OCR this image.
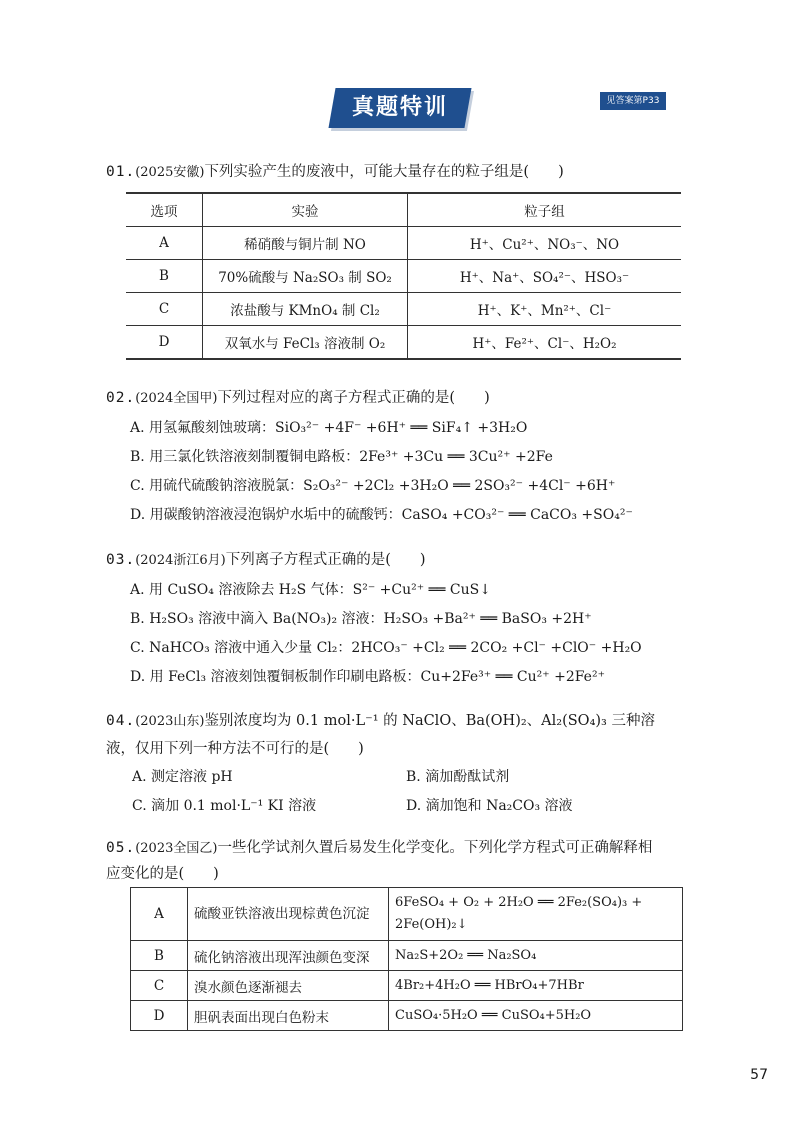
真题特训	见答案第P33
01.(2025安徽)下列实验产生的废液中，可能大量存在的粒子组是(　　)
选项	实验	粒子组
A	稀硝酸与铜片制 NO	H⁺、Cu²⁺、NO₃⁻、NO
B	70%硫酸与 Na₂SO₃ 制 SO₂	H⁺、Na⁺、SO₄²⁻、HSO₃⁻
C	浓盐酸与 KMnO₄ 制 Cl₂	H⁺、K⁺、Mn²⁺、Cl⁻
D	双氧水与 FeCl₃ 溶液制 O₂	H⁺、Fe²⁺、Cl⁻、H₂O₂
02.(2024全国甲)下列过程对应的离子方程式正确的是(　　)
A. 用氢氟酸刻蚀玻璃：SiO₃²⁻ +4F⁻ +6H⁺ ══ SiF₄↑ +3H₂O
B. 用三氯化铁溶液刻制覆铜电路板：2Fe³⁺ +3Cu ══ 3Cu²⁺ +2Fe
C. 用硫代硫酸钠溶液脱氯：S₂O₃²⁻ +2Cl₂ +3H₂O ══ 2SO₃²⁻ +4Cl⁻ +6H⁺
D. 用碳酸钠溶液浸泡锅炉水垢中的硫酸钙：CaSO₄ +CO₃²⁻ ══ CaCO₃ +SO₄²⁻
03.(2024浙江6月)下列离子方程式正确的是(　　)
A. 用 CuSO₄ 溶液除去 H₂S 气体：S²⁻ +Cu²⁺ ══ CuS↓
B. H₂SO₃ 溶液中滴入 Ba(NO₃)₂ 溶液：H₂SO₃ +Ba²⁺ ══ BaSO₃ +2H⁺
C. NaHCO₃ 溶液中通入少量 Cl₂：2HCO₃⁻ +Cl₂ ══ 2CO₂ +Cl⁻ +ClO⁻ +H₂O
D. 用 FeCl₃ 溶液刻蚀覆铜板制作印刷电路板：Cu+2Fe³⁺ ══ Cu²⁺ +2Fe²⁺
04.(2023山东)鉴别浓度均为 0.1 mol·L⁻¹ 的 NaClO、Ba(OH)₂、Al₂(SO₄)₃ 三种溶
液，仅用下列一种方法不可行的是(　　)
A. 测定溶液 pH	B. 滴加酚酞试剂
C. 滴加 0.1 mol·L⁻¹ KI 溶液	D. 滴加饱和 Na₂CO₃ 溶液
05.(2023全国乙)一些化学试剂久置后易发生化学变化。下列化学方程式可正确解释相
应变化的是(　　)
A	硫酸亚铁溶液出现棕黄色沉淀	6FeSO₄ + O₂ + 2H₂O ══ 2Fe₂(SO₄)₃ + 2Fe(OH)₂↓
B	硫化钠溶液出现浑浊颜色变深	Na₂S+2O₂ ══ Na₂SO₄
C	溴水颜色逐渐褪去	4Br₂+4H₂O ══ HBrO₄+7HBr
D	胆矾表面出现白色粉末	CuSO₄·5H₂O ══ CuSO₄+5H₂O
57
